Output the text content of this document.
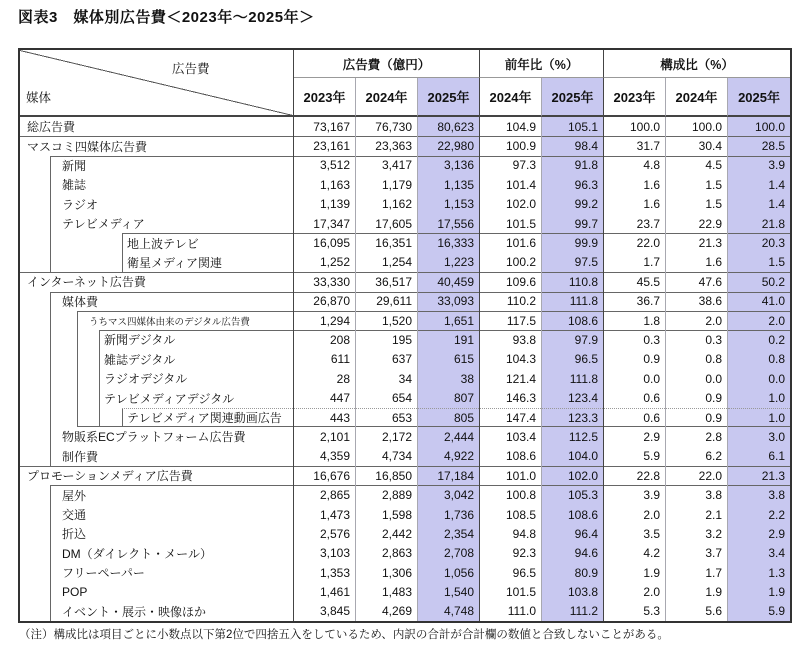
図表3　媒体別広告費＜2023年～2025年＞
広告費
媒体	広告費（億円）			前年比（%）		構成比（%）		
	2023年	2024年	2025年	2024年	2025年	2023年	2024年	2025年

総広告費	73,167	76,730	80,623	104.9	105.1	100.0	100.0	100.0

マスコミ四媒体広告費	23,161	23,363	22,980	100.9	98.4	31.7	30.4	28.5

新聞	3,512	3,417	3,136	97.3	91.8	4.8	4.5	3.9

雑誌	1,163	1,179	1,135	101.4	96.3	1.6	1.5	1.4

ラジオ	1,139	1,162	1,153	102.0	99.2	1.6	1.5	1.4

テレビメディア	17,347	17,605	17,556	101.5	99.7	23.7	22.9	21.8

地上波テレビ	16,095	16,351	16,333	101.6	99.9	22.0	21.3	20.3

衛星メディア関連	1,252	1,254	1,223	100.2	97.5	1.7	1.6	1.5

インターネット広告費	33,330	36,517	40,459	109.6	110.8	45.5	47.6	50.2

媒体費	26,870	29,611	33,093	110.2	111.8	36.7	38.6	41.0

うちマス四媒体由来のデジタル広告費	1,294	1,520	1,651	117.5	108.6	1.8	2.0	2.0

新聞デジタル	208	195	191	93.8	97.9	0.3	0.3	0.2

雑誌デジタル	611	637	615	104.3	96.5	0.9	0.8	0.8

ラジオデジタル	28	34	38	121.4	111.8	0.0	0.0	0.0

テレビメディアデジタル	447	654	807	146.3	123.4	0.6	0.9	1.0

テレビメディア関連動画広告	443	653	805	147.4	123.3	0.6	0.9	1.0

物販系ECプラットフォーム広告費	2,101	2,172	2,444	103.4	112.5	2.9	2.8	3.0

制作費	4,359	4,734	4,922	108.6	104.0	5.9	6.2	6.1

プロモーションメディア広告費	16,676	16,850	17,184	101.0	102.0	22.8	22.0	21.3

屋外	2,865	2,889	3,042	100.8	105.3	3.9	3.8	3.8

交通	1,473	1,598	1,736	108.5	108.6	2.0	2.1	2.2

折込	2,576	2,442	2,354	94.8	96.4	3.5	3.2	2.9

DM（ダイレクト・メール）	3,103	2,863	2,708	92.3	94.6	4.2	3.7	3.4

フリーペーパー	1,353	1,306	1,056	96.5	80.9	1.9	1.7	1.3

POP	1,461	1,483	1,540	101.5	103.8	2.0	1.9	1.9

イベント・展示・映像ほか	3,845	4,269	4,748	111.0	111.2	5.3	5.6	5.9
（注）構成比は項目ごとに小数点以下第2位で四捨五入をしているため、内訳の合計が合計欄の数値と合致しないことがある。
